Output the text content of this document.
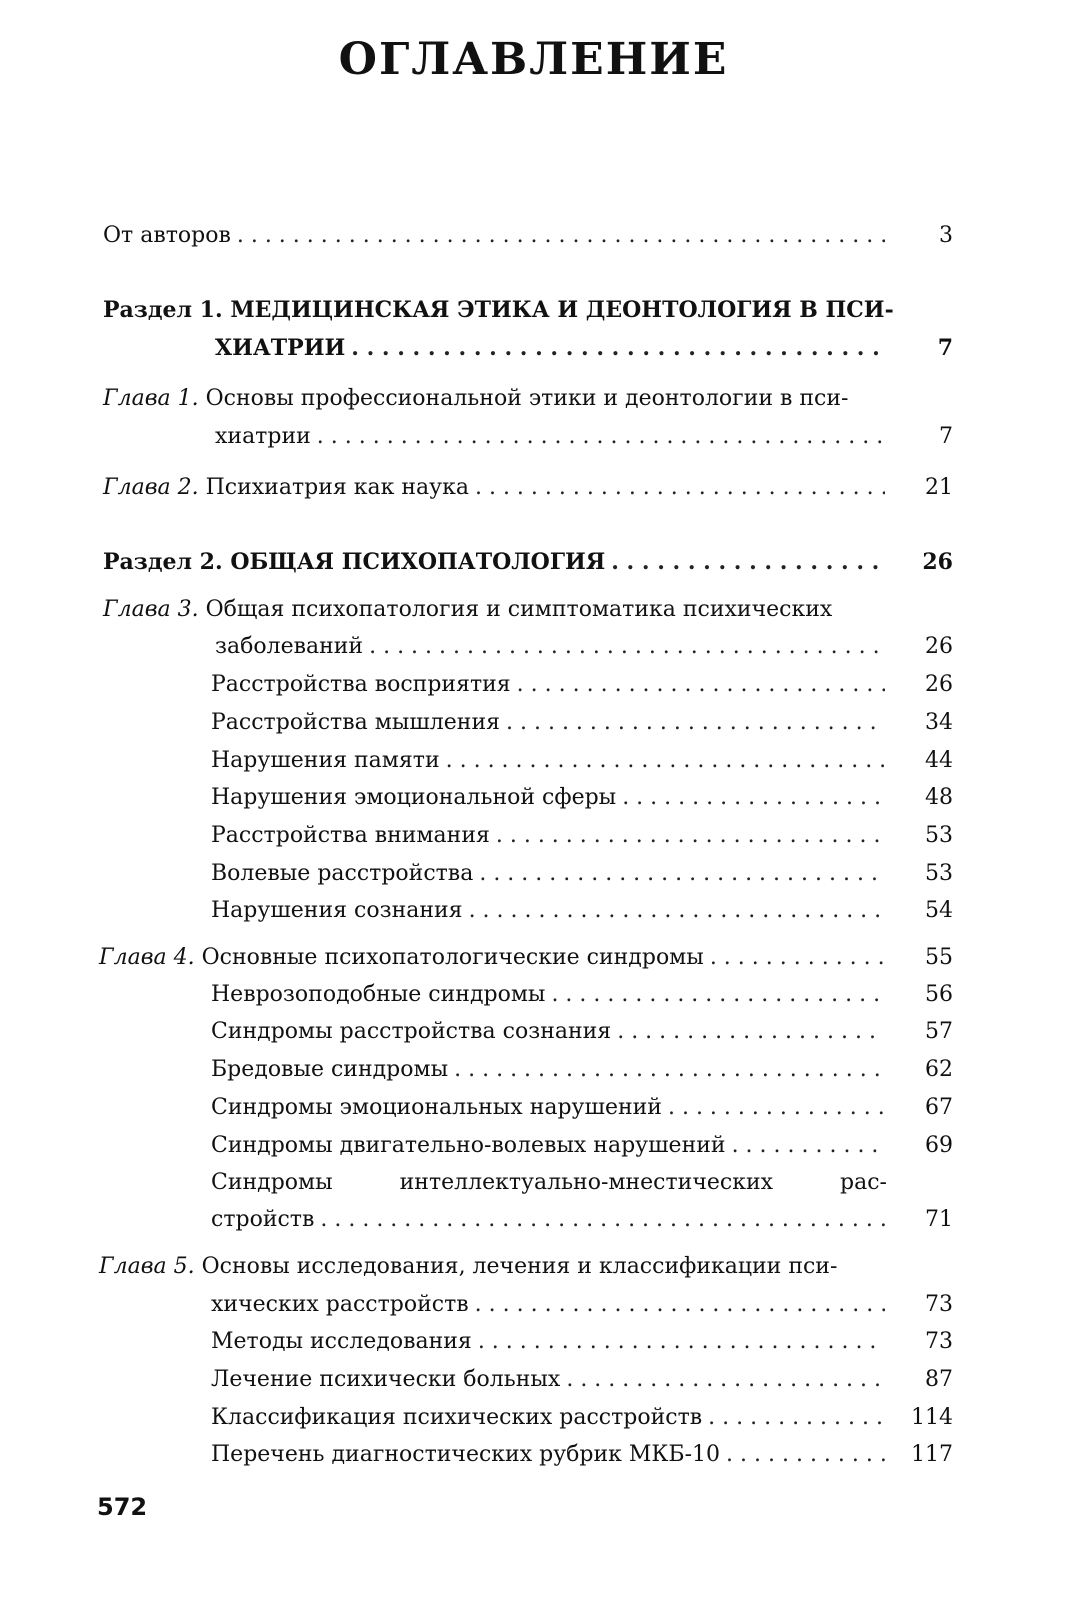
ОГЛАВЛЕНИЕ
От авторов . . .	3
Раздел 1. МЕДИЦИНСКАЯ ЭТИКА И ДЕОНТОЛОГИЯ В ПСИ-
ХИАТРИИ . . .	7
Глава 1. Основы профессиональной этики и деонтологии в пси-
хиатрии . . .	7
Глава 2. Психиатрия как наука . . .	21
Раздел 2. ОБЩАЯ ПСИХОПАТОЛОГИЯ . . .	26
Глава 3. Общая психопатология и симптоматика психических
заболеваний . . .	26
Расстройства восприятия . . .	26
Расстройства мышления . . .	34
Нарушения памяти . . .	44
Нарушения эмоциональной сферы . . .	48
Расстройства внимания . . .	53
Волевые расстройства . . .	53
Нарушения сознания . . .	54
Глава 4. Основные психопатологические синдромы . . .	55
Неврозоподобные синдромы . . .	56
Синдромы расстройства сознания . . .	57
Бредовые синдромы . . .	62
Синдромы эмоциональных нарушений . . .	67
Синдромы двигательно-волевых нарушений . . .	69
Синдромы	интеллектуально-мнестических	рас-
стройств . . .	71
Глава 5. Основы исследования, лечения и классификации пси-
хических расстройств . . .	73
Методы исследования . . .	73
Лечение психически больных . . .	87
Классификация психических расстройств . . .	114
Перечень диагностических рубрик МКБ-10 . . .	117
572
